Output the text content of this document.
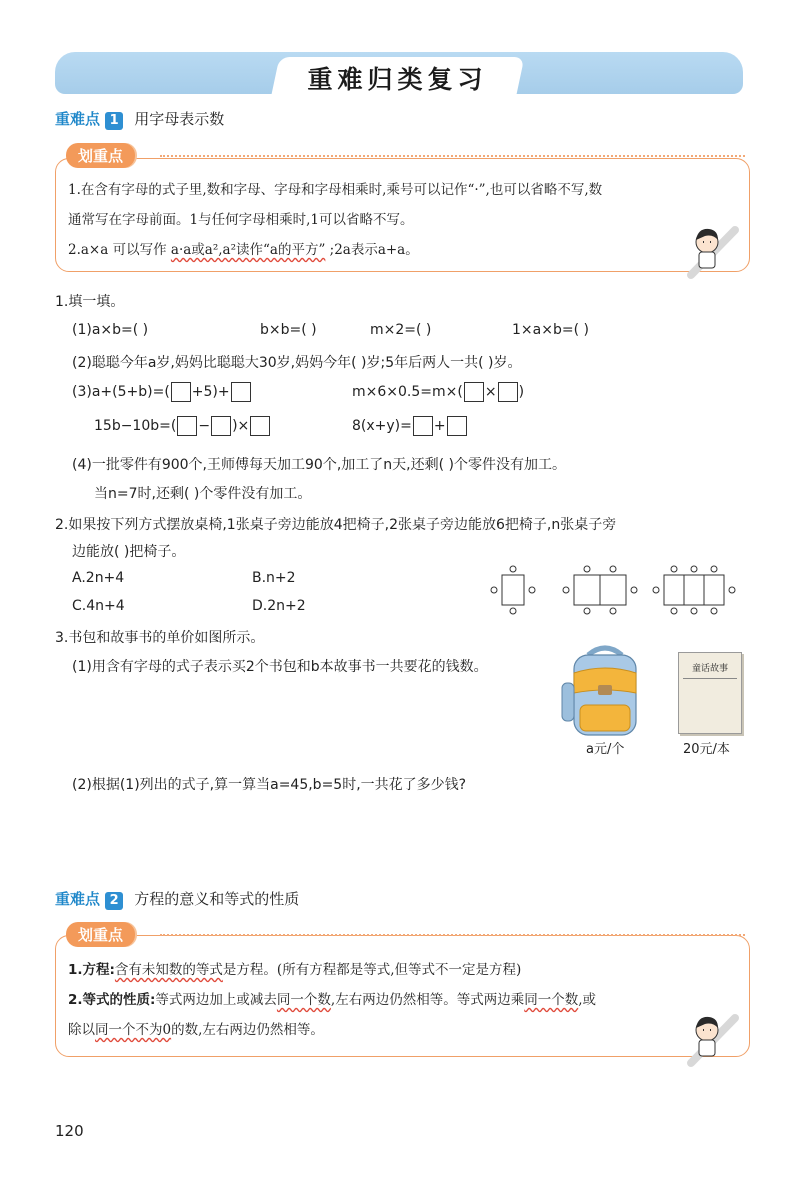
重难归类复习
重难点 1 用字母表示数
划重点
1.在含有字母的式子里,数和字母、字母和字母相乘时,乘号可以记作“·”,也可以省略不写,数
通常写在字母前面。1与任何字母相乘时,1可以省略不写。
2.a×a 可以写作 a·a或a²,a²读作“a的平方” ;2a表示a+a。
1.填一填。
(1)a×b=( )	b×b=( )	m×2=( )	1×a×b=( )
(2)聪聪今年a岁,妈妈比聪聪大30岁,妈妈今年( )岁;5年后两人一共( )岁。
(3)a+(5+b)=( +5)+	m×6×0.5=m×( × )
15b−10b=( − )×	8(x+y)= +
(4)一批零件有900个,王师傅每天加工90个,加工了n天,还剩( )个零件没有加工。
当n=7时,还剩( )个零件没有加工。
2.如果按下列方式摆放桌椅,1张桌子旁边能放4把椅子,2张桌子旁边能放6把椅子,n张桌子旁
边能放( )把椅子。
A.2n+4	B.n+2
C.4n+4	D.2n+2
3.书包和故事书的单价如图所示。
(1)用含有字母的式子表示买2个书包和b本故事书一共要花的钱数。
a元/个
童话故事
20元/本
(2)根据(1)列出的式子,算一算当a=45,b=5时,一共花了多少钱?
重难点 2 方程的意义和等式的性质
划重点
1.方程:含有未知数的等式是方程。(所有方程都是等式,但等式不一定是方程)
2.等式的性质:等式两边加上或减去同一个数,左右两边仍然相等。等式两边乘同一个数,或
除以同一个不为0的数,左右两边仍然相等。
120
